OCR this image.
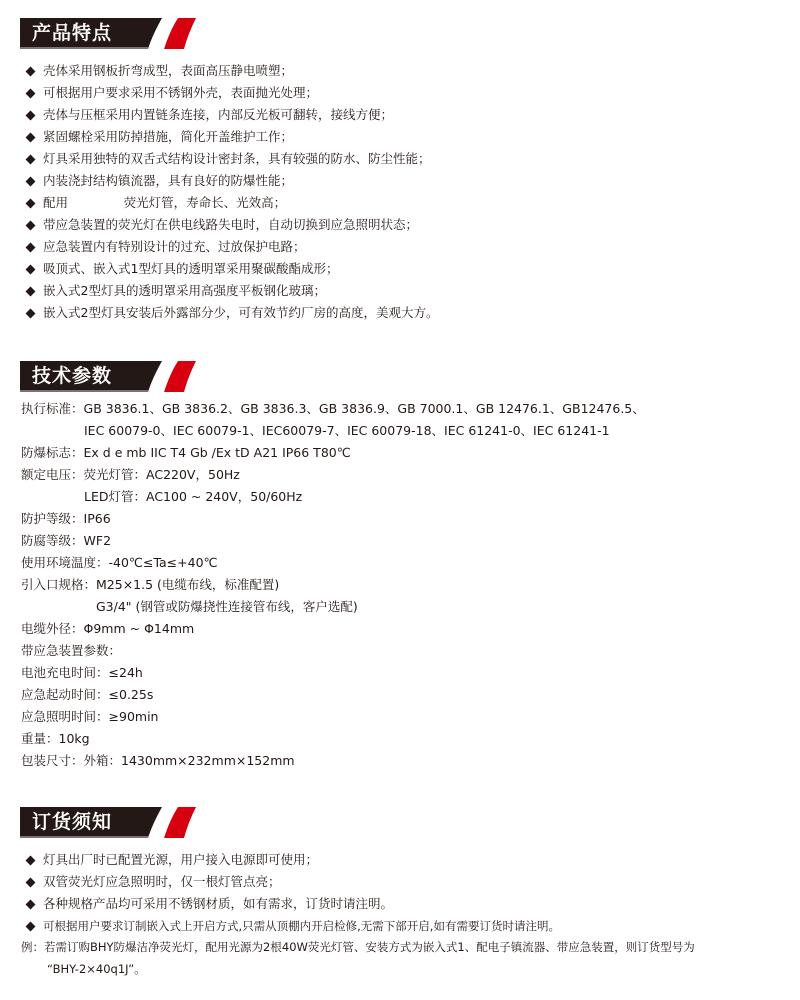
产品特点
壳体采用钢板折弯成型，表面高压静电喷塑；
可根据用户要求采用不锈钢外壳，表面抛光处理；
壳体与压框采用内置链条连接，内部反光板可翻转，接线方便；
紧固螺栓采用防掉措施，简化开盖维护工作；
灯具采用独特的双舌式结构设计密封条，具有较强的防水、防尘性能；
内装浇封结构镇流器，具有良好的防爆性能；
配用              荧光灯管，寿命长、光效高；
带应急装置的荧光灯在供电线路失电时，自动切换到应急照明状态；
应急装置内有特别设计的过充、过放保护电路；
吸顶式、嵌入式1型灯具的透明罩采用聚碳酸酯成形；
嵌入式2型灯具的透明罩采用高强度平板钢化玻璃；
嵌入式2型灯具安装后外露部分少，可有效节约厂房的高度，美观大方。
技术参数
执行标准： GB 3836.1、GB 3836.2、GB 3836.3、GB 3836.9、GB 7000.1、GB 12476.1、GB12476.5、
IEC 60079-0、IEC 60079-1、IEC60079-7、IEC 60079-18、IEC 61241-0、IEC 61241-1
防爆标志： Ex d e mb IIC T4 Gb /Ex tD A21 IP66 T80℃
额定电压： 荧光灯管：AC220V，50Hz
LED灯管：AC100 ~ 240V，50/60Hz
防护等级： IP66
防腐等级： WF2
使用环境温度： -40℃≤Ta≤+40℃
引入口规格： M25×1.5 (电缆布线，标准配置)
G3/4" (钢管或防爆挠性连接管布线，客户选配)
电缆外径： Φ9mm ~ Φ14mm
带应急装置参数：
电池充电时间： ≤24h
应急起动时间： ≤0.25s
应急照明时间： ≥90min
重量： 10kg
包装尺寸： 外箱：1430mm×232mm×152mm
订货须知
灯具出厂时已配置光源，用户接入电源即可使用；
双管荧光灯应急照明时，仅一根灯管点亮；
各种规格产品均可采用不锈钢材质，如有需求，订货时请注明。
可根据用户要求订制嵌入式上开启方式,只需从顶棚内开启检修,无需下部开启,如有需要订货时请注明。
例：若需订购BHY防爆洁净荧光灯，配用光源为2根40W荧光灯管、安装方式为嵌入式1、配电子镇流器、带应急装置，则订货型号为
“BHY-2×40q1J”。
